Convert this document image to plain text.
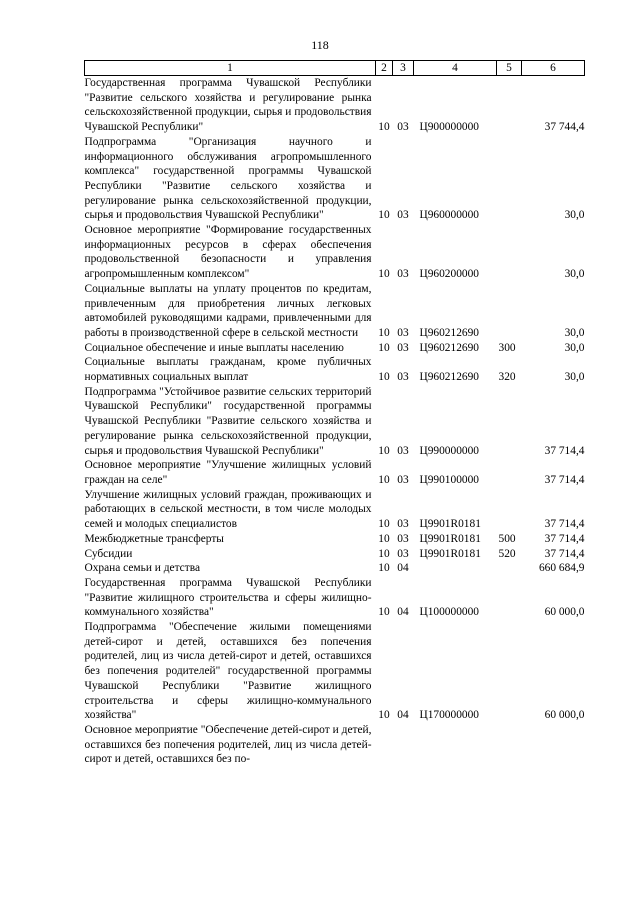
118
1	2	3	4	5	6
Государственная программа Чувашской Республики "Развитие сельского хозяйства и регулирование рынка сельскохозяйственной продукции, сырья и продовольствия Чувашской Республики"	10	03	Ц900000000		37 744,4
Подпрограмма "Организация научного и информационного обслуживания агропромышленного комплекса" государственной программы Чувашской Республики "Развитие сельского хозяйства и регулирование рынка сельскохозяйственной продукции, сырья и продовольствия Чувашской Республики"	10	03	Ц960000000		30,0
Основное мероприятие "Формирование государственных информационных ресурсов в сферах обеспечения продовольственной безопасности и управления агропромышленным комплексом"	10	03	Ц960200000		30,0
Социальные выплаты на уплату процентов по кредитам, привлеченным для приобретения личных легковых автомобилей руководящими кадрами, привлеченными для работы в производственной сфере в сельской местности	10	03	Ц960212690		30,0
Социальное обеспечение и иные выплаты населению	10	03	Ц960212690	300	30,0
Социальные выплаты гражданам, кроме публичных нормативных социальных выплат	10	03	Ц960212690	320	30,0
Подпрограмма "Устойчивое развитие сельских территорий Чувашской Республики" государственной программы Чувашской Республики "Развитие сельского хозяйства и регулирование рынка сельскохозяйственной продукции, сырья и продовольствия Чувашской Республики"	10	03	Ц990000000		37 714,4
Основное мероприятие "Улучшение жилищных условий граждан на селе"	10	03	Ц990100000		37 714,4
Улучшение жилищных условий граждан, проживающих и работающих в сельской местности, в том числе молодых семей и молодых специалистов	10	03	Ц9901R0181		37 714,4
Межбюджетные трансферты	10	03	Ц9901R0181	500	37 714,4
Субсидии	10	03	Ц9901R0181	520	37 714,4
Охрана семьи и детства	10	04			660 684,9
Государственная программа Чувашской Республики "Развитие жилищного строительства и сферы жилищно-коммунального хозяйства"	10	04	Ц100000000		60 000,0
Подпрограмма "Обеспечение жилыми помещениями детей-сирот и детей, оставшихся без попечения родителей, лиц из числа детей-сирот и детей, оставшихся без попечения родителей" государственной программы Чувашской Республики "Развитие жилищного строительства и сферы жилищно-коммунального хозяйства"	10	04	Ц170000000		60 000,0
Основное мероприятие "Обеспечение детей-сирот и детей, оставшихся без попечения родителей, лиц из числа детей-сирот и детей, оставшихся без по-					
